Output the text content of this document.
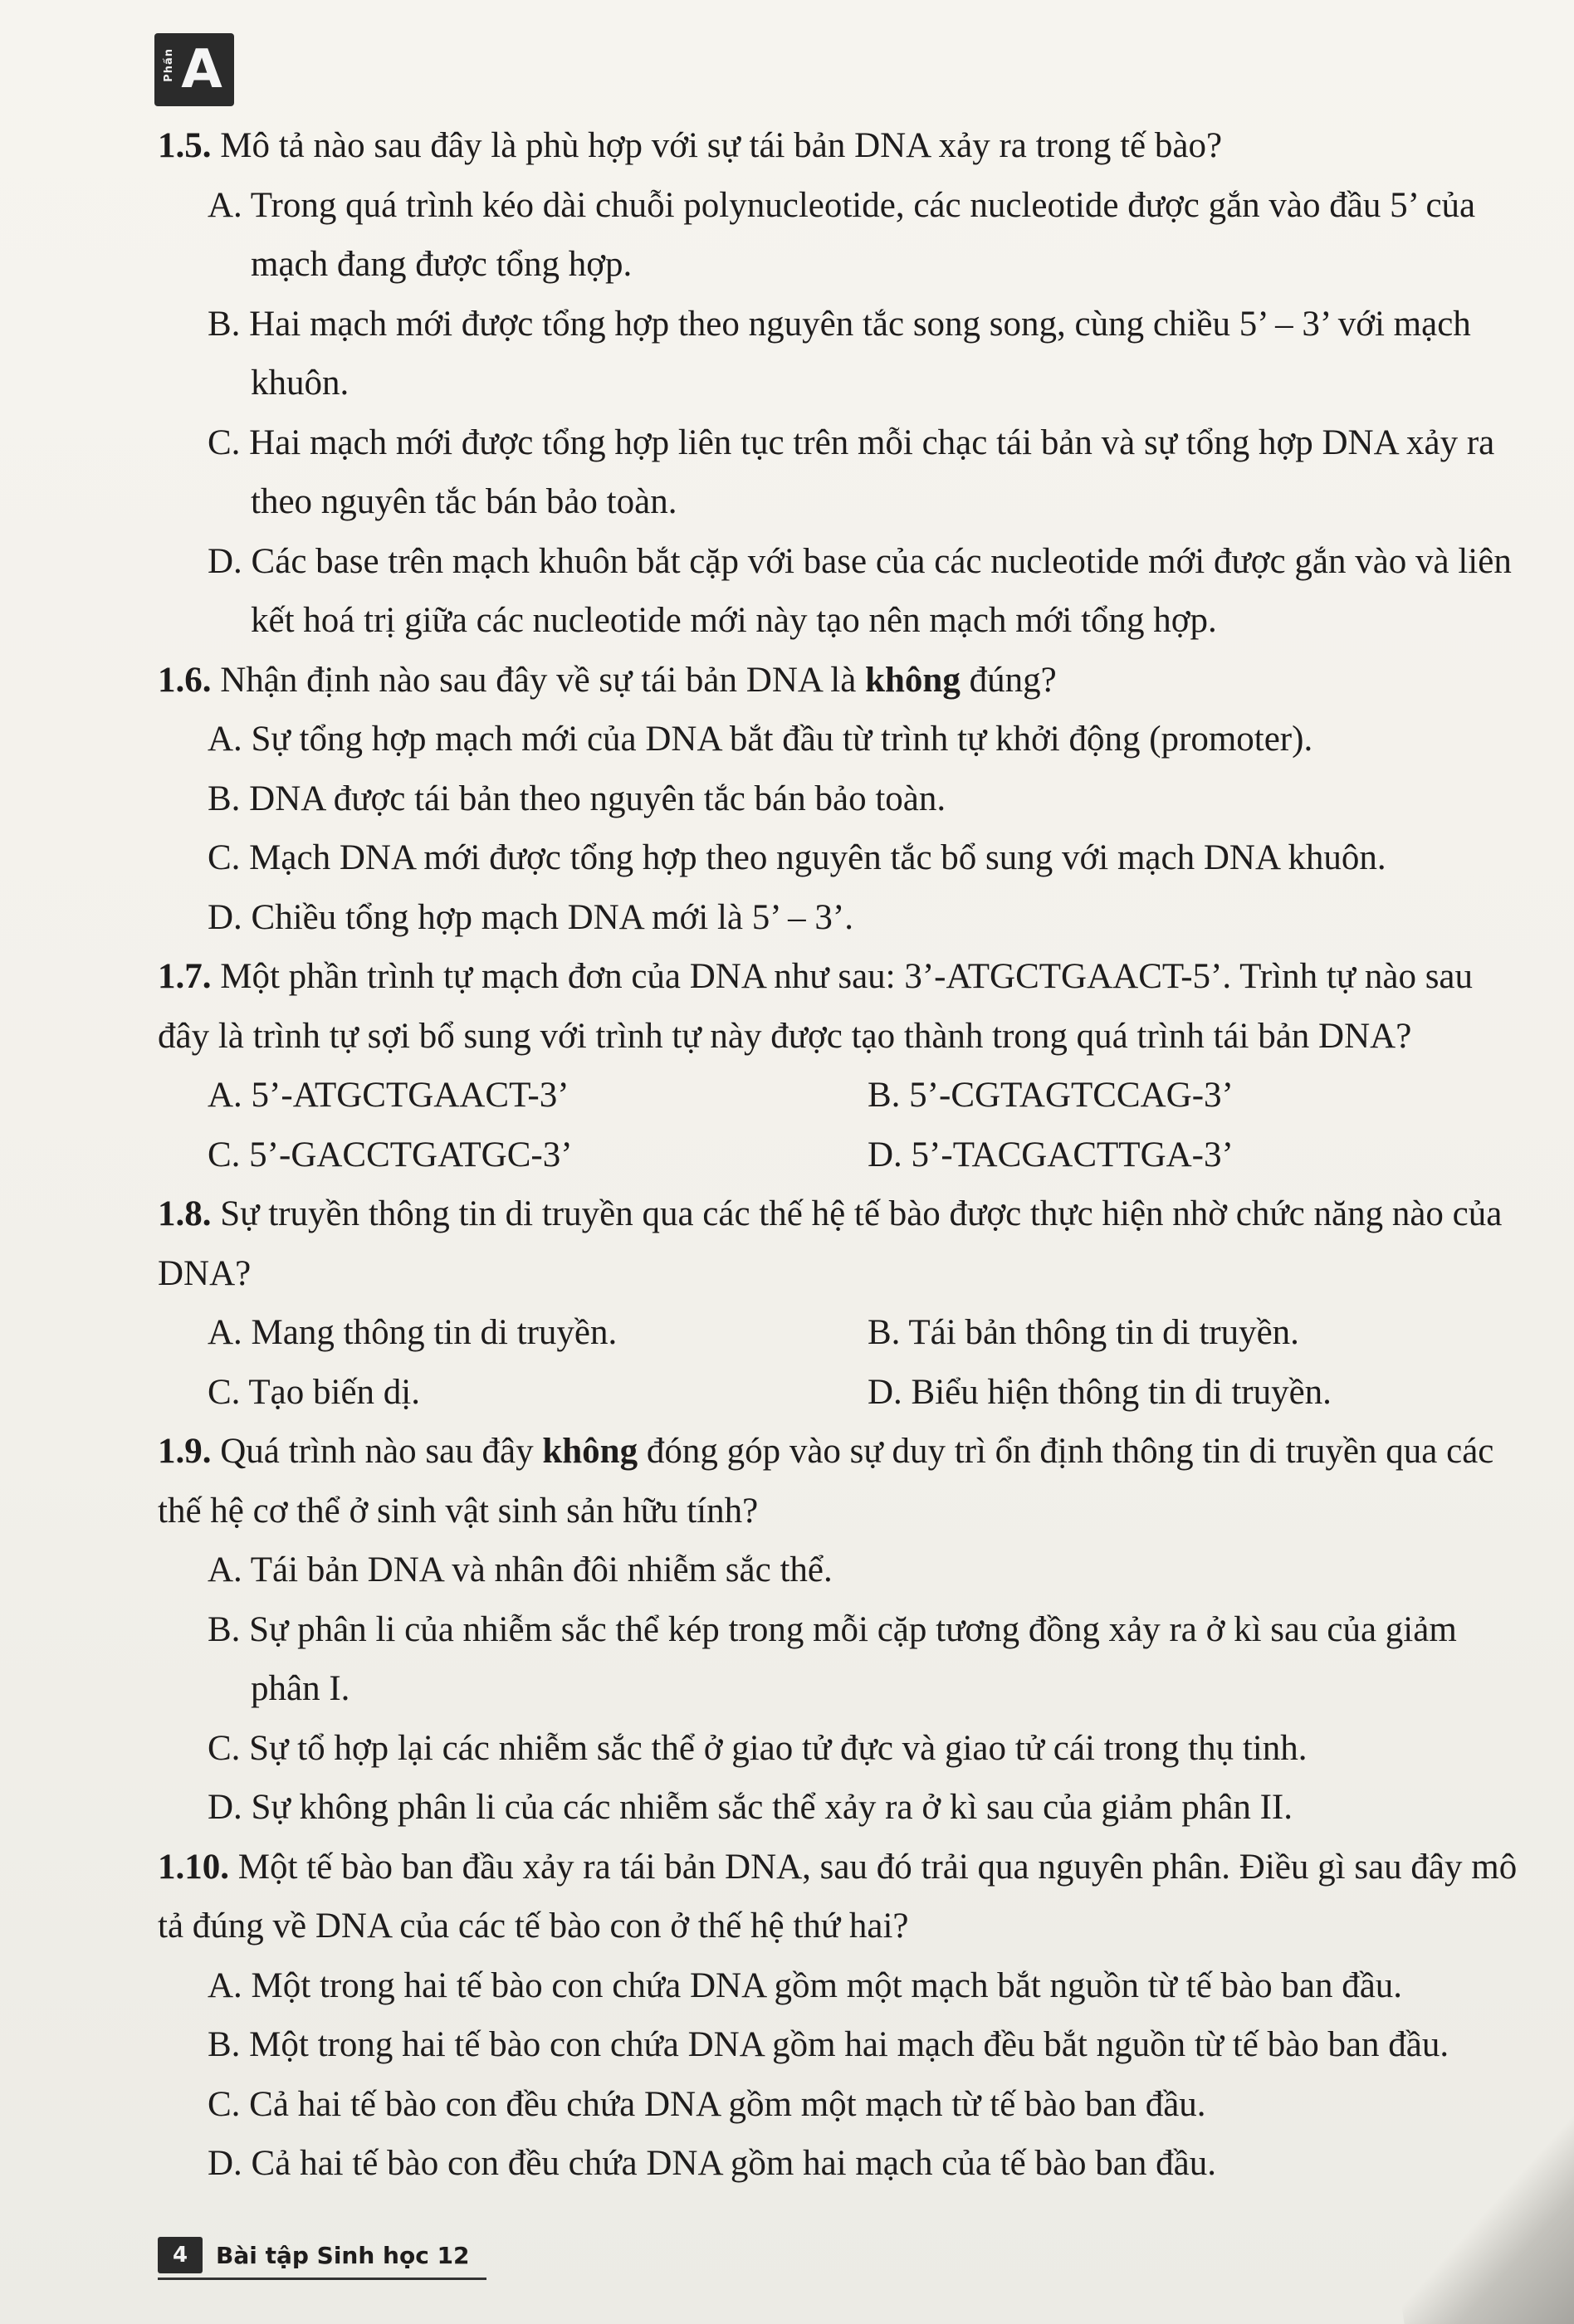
Phần A

1.5. Mô tả nào sau đây là phù hợp với sự tái bản DNA xảy ra trong tế bào?

A. Trong quá trình kéo dài chuỗi polynucleotide, các nucleotide được gắn vào đầu 5’ của mạch đang được tổng hợp.

B. Hai mạch mới được tổng hợp theo nguyên tắc song song, cùng chiều 5’ – 3’ với mạch khuôn.

C. Hai mạch mới được tổng hợp liên tục trên mỗi chạc tái bản và sự tổng hợp DNA xảy ra theo nguyên tắc bán bảo toàn.

D. Các base trên mạch khuôn bắt cặp với base của các nucleotide mới được gắn vào và liên kết hoá trị giữa các nucleotide mới này tạo nên mạch mới tổng hợp.

1.6. Nhận định nào sau đây về sự tái bản DNA là không đúng?

A. Sự tổng hợp mạch mới của DNA bắt đầu từ trình tự khởi động (promoter).

B. DNA được tái bản theo nguyên tắc bán bảo toàn.

C. Mạch DNA mới được tổng hợp theo nguyên tắc bổ sung với mạch DNA khuôn.

D. Chiều tổng hợp mạch DNA mới là 5’ – 3’.

1.7. Một phần trình tự mạch đơn của DNA như sau: 3’-ATGCTGAACT-5’. Trình tự nào sau đây là trình tự sợi bổ sung với trình tự này được tạo thành trong quá trình tái bản DNA?

A. 5’-ATGCTGAACT-3’	B. 5’-CGTAGTCCAG-3’

C. 5’-GACCTGATGC-3’	D. 5’-TACGACTTGA-3’

1.8. Sự truyền thông tin di truyền qua các thế hệ tế bào được thực hiện nhờ chức năng nào của DNA?

A. Mang thông tin di truyền.	B. Tái bản thông tin di truyền.

C. Tạo biến dị.	D. Biểu hiện thông tin di truyền.

1.9. Quá trình nào sau đây không đóng góp vào sự duy trì ổn định thông tin di truyền qua các thế hệ cơ thể ở sinh vật sinh sản hữu tính?

A. Tái bản DNA và nhân đôi nhiễm sắc thể.

B. Sự phân li của nhiễm sắc thể kép trong mỗi cặp tương đồng xảy ra ở kì sau của giảm phân I.

C. Sự tổ hợp lại các nhiễm sắc thể ở giao tử đực và giao tử cái trong thụ tinh.

D. Sự không phân li của các nhiễm sắc thể xảy ra ở kì sau của giảm phân II.

1.10. Một tế bào ban đầu xảy ra tái bản DNA, sau đó trải qua nguyên phân. Điều gì sau đây mô tả đúng về DNA của các tế bào con ở thế hệ thứ hai?

A. Một trong hai tế bào con chứa DNA gồm một mạch bắt nguồn từ tế bào ban đầu.

B. Một trong hai tế bào con chứa DNA gồm hai mạch đều bắt nguồn từ tế bào ban đầu.

C. Cả hai tế bào con đều chứa DNA gồm một mạch từ tế bào ban đầu.

D. Cả hai tế bào con đều chứa DNA gồm hai mạch của tế bào ban đầu.

4	Bài tập Sinh học 12
